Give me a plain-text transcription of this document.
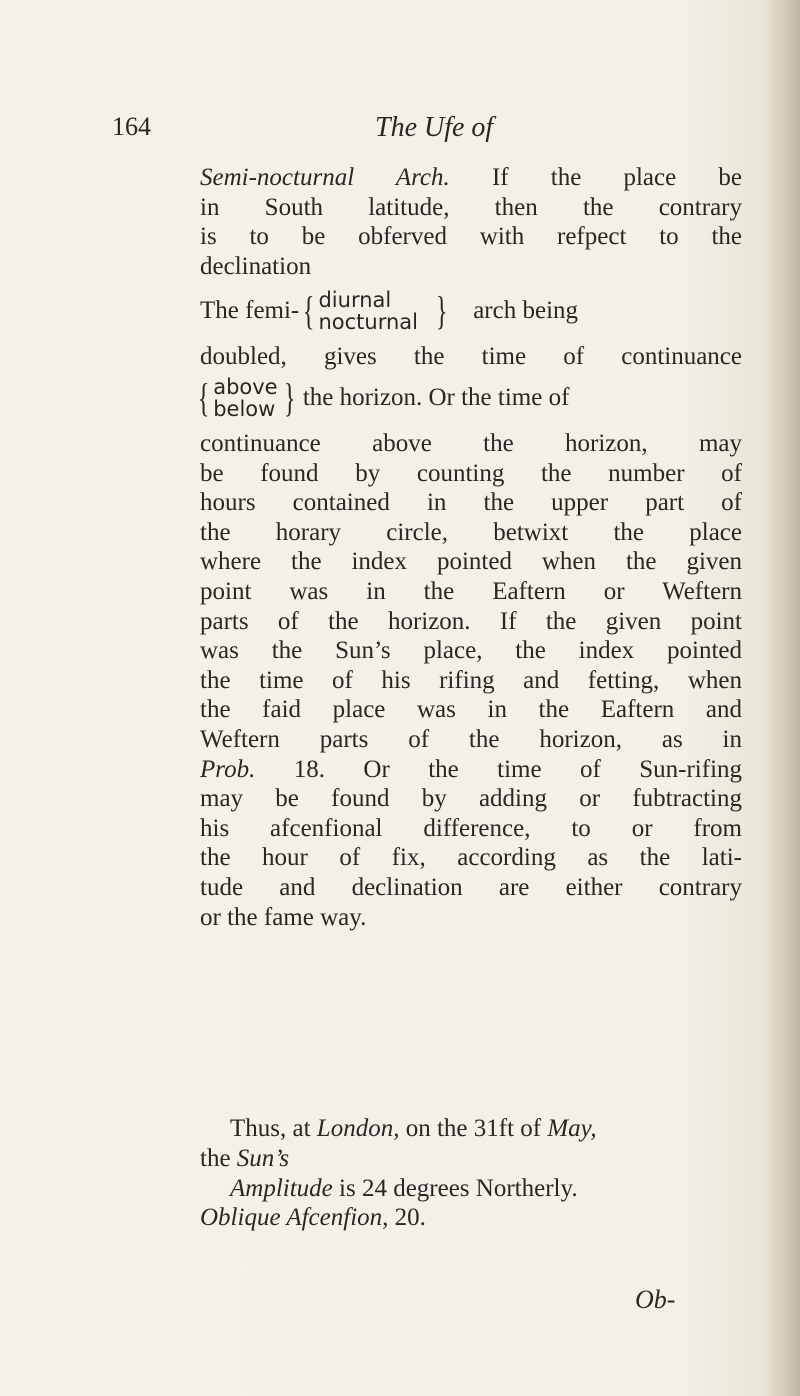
164	The Ufe of
Semi-nocturnal Arch. If the place be
in South latitude, then the contrary
is to be obferved with refpect to the
declination
The femi- { diurnal
nocturnal } arch being
doubled, gives the time of continuance
{ above
below } the horizon. Or the time of
continuance above the horizon, may
be found by counting the number of
hours contained in the upper part of
the horary circle, betwixt the place
where the index pointed when the given
point was in the Eaftern or Weftern
parts of the horizon. If the given point
was the Sun’s place, the index pointed
the time of his rifing and fetting, when
the faid place was in the Eaftern and
Weftern parts of the horizon, as in
Prob. 18. Or the time of Sun-rifing
may be found by adding or fubtracting
his afcenfional difference, to or from
the hour of fix, according as the lati-
tude and declination are either contrary
or the fame way.
Thus, at London, on the 31ft of May,
the Sun’s
Amplitude is 24 degrees Northerly.
Oblique Afcenfion, 20.
Ob-
